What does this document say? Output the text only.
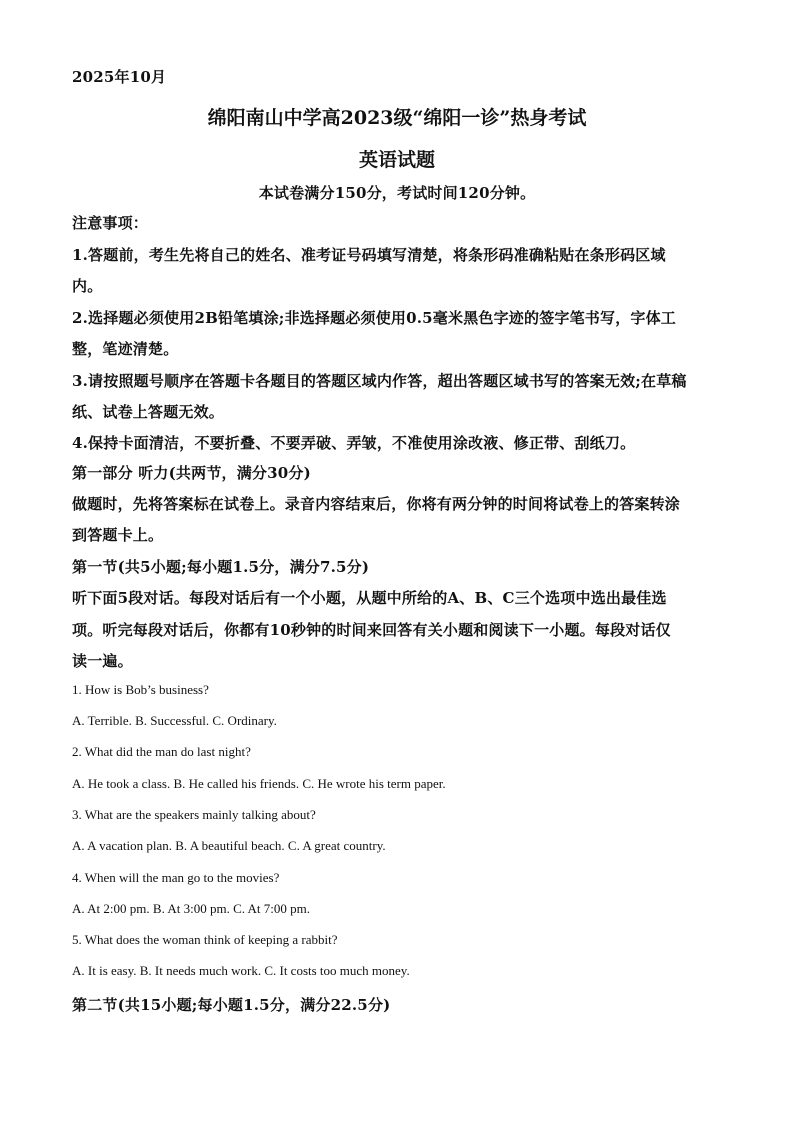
2025年10月
绵阳南山中学高2023级“绵阳一诊”热身考试
英语试题
本试卷满分150分，考试时间120分钟。
注意事项：
1.答题前，考生先将自己的姓名、准考证号码填写清楚，将条形码准确粘贴在条形码区域
内。
2.选择题必须使用2B铅笔填涂;非选择题必须使用0.5毫米黑色字迹的签字笔书写，字体工
整，笔迹清楚。
3.请按照题号顺序在答题卡各题目的答题区域内作答，超出答题区域书写的答案无效;在草稿
纸、试卷上答题无效。
4.保持卡面清洁，不要折叠、不要弄破、弄皱，不准使用涂改液、修正带、刮纸刀。
第一部分 听力(共两节，满分30分)
做题时，先将答案标在试卷上。录音内容结束后，你将有两分钟的时间将试卷上的答案转涂
到答题卡上。
第一节(共5小题;每小题1.5分，满分7.5分)
听下面5段对话。每段对话后有一个小题，从题中所给的A、B、C三个选项中选出最佳选
项。听完每段对话后，你都有10秒钟的时间来回答有关小题和阅读下一小题。每段对话仅
读一遍。
1. How is Bob’s business?
A. Terrible. B. Successful. C. Ordinary.
2. What did the man do last night?
A. He took a class. B. He called his friends. C. He wrote his term paper.
3. What are the speakers mainly talking about?
A. A vacation plan. B. A beautiful beach. C. A great country.
4. When will the man go to the movies?
A. At 2:00 pm. B. At 3:00 pm. C. At 7:00 pm.
5. What does the woman think of keeping a rabbit?
A. It is easy. B. It needs much work. C. It costs too much money.
第二节(共15小题;每小题1.5分，满分22.5分)
